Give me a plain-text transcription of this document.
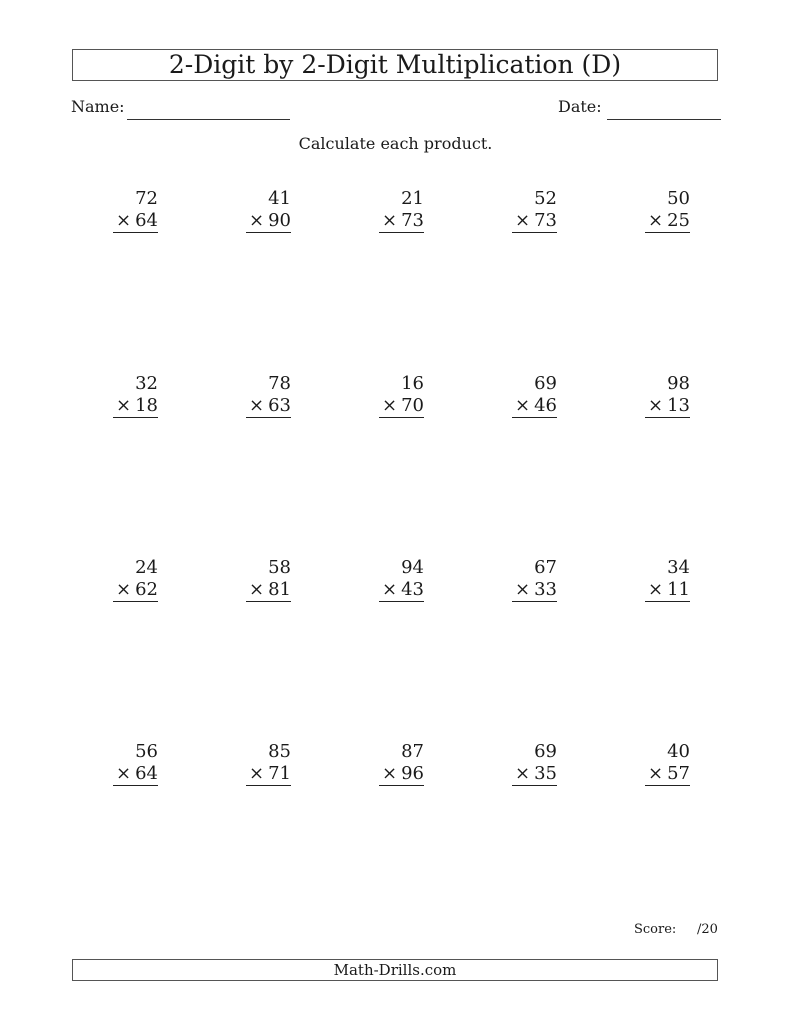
2-Digit by 2-Digit Multiplication (D)
Name:	Date:
Calculate each product.
72
× 64
41
× 90
21
× 73
52
× 73
50
× 25
32
× 18
78
× 63
16
× 70
69
× 46
98
× 13
24
× 62
58
× 81
94
× 43
67
× 33
34
× 11
56
× 64
85
× 71
87
× 96
69
× 35
40
× 57
Score: /20
Math-Drills.com
